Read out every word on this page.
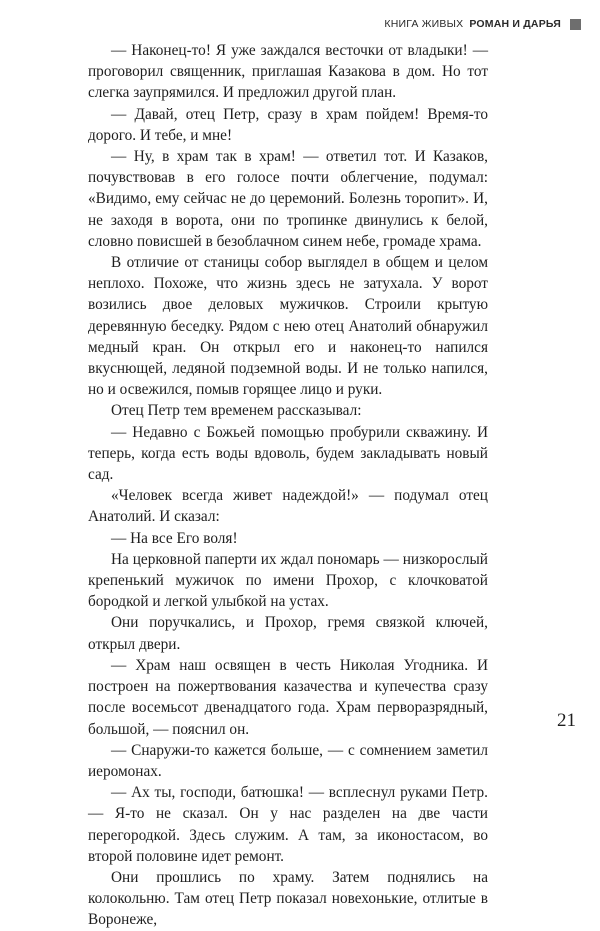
КНИГА ЖИВЫХ РОМАН И ДАРЬЯ

— Наконец-то! Я уже заждался весточки от владыки! — проговорил священник, приглашая Казакова в дом. Но тот слегка заупрямился. И предложил другой план.

— Давай, отец Петр, сразу в храм пойдем! Время-то дорого. И тебе, и мне!

— Ну, в храм так в храм! — ответил тот. И Казаков, почувствовав в его голосе почти облегчение, подумал: «Видимо, ему сейчас не до церемоний. Болезнь торопит». И, не заходя в ворота, они по тропинке двинулись к белой, словно повисшей в безоблачном синем небе, громаде храма.

В отличие от станицы собор выглядел в общем и целом неплохо. Похоже, что жизнь здесь не затухала. У ворот возились двое деловых мужичков. Строили крытую деревянную беседку. Рядом с нею отец Анатолий обнаружил медный кран. Он открыл его и наконец-то напился вкуснющей, ледяной подземной воды. И не только напился, но и освежился, помыв горящее лицо и руки.

Отец Петр тем временем рассказывал:

— Недавно с Божьей помощью пробурили скважину. И теперь, когда есть воды вдоволь, будем закладывать новый сад.

«Человек всегда живет надеждой!» — подумал отец Анатолий. И сказал:

— На все Его воля!

На церковной паперти их ждал пономарь — низкорослый крепенький мужичок по имени Прохор, с клочковатой бородкой и легкой улыбкой на устах.

Они поручкались, и Прохор, гремя связкой ключей, открыл двери.

— Храм наш освящен в честь Николая Угодника. И построен на пожертвования казачества и купечества сразу после восемьсот двенадцатого года. Храм перворазрядный, большой, — пояснил он.

— Снаружи-то кажется больше, — с сомнением заметил иеромонах.

— Ах ты, господи, батюшка! — всплеснул руками Петр. — Я-то не сказал. Он у нас разделен на две части перегородкой. Здесь служим. А там, за иконостасом, во второй половине идет ремонт.

Они прошлись по храму. Затем поднялись на колокольню. Там отец Петр показал новехонькие, отлитые в Воронеже,

21
